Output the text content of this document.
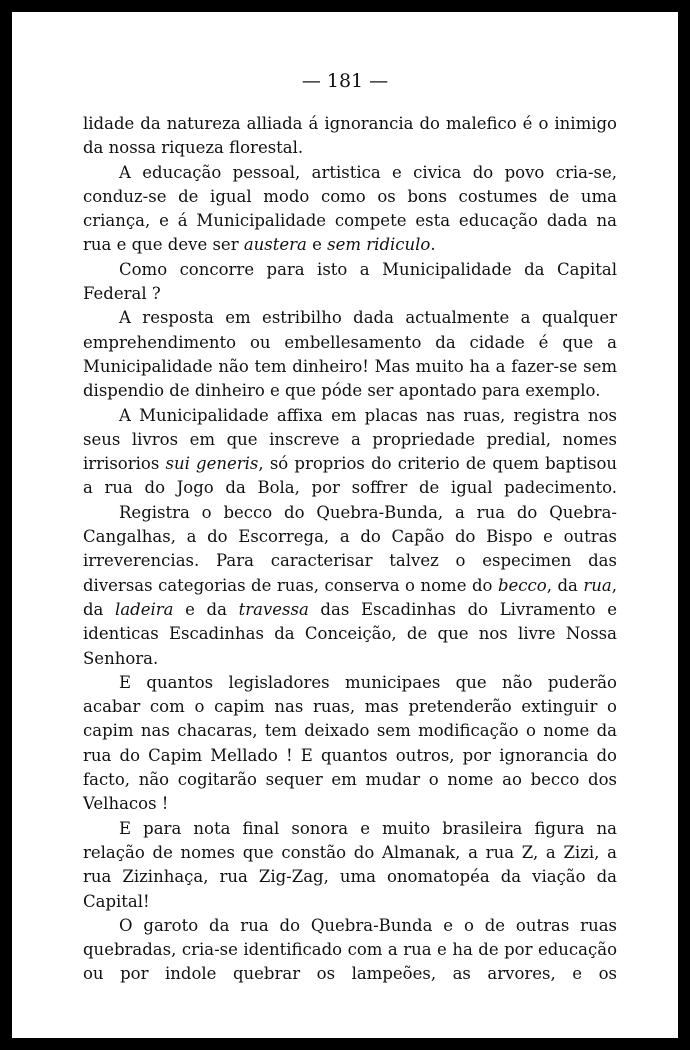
— 181 —

lidade da natureza alliada á ignorancia do malefico é o inimigo da nossa riqueza florestal.

A educação pessoal, artistica e civica do povo cria-se, conduz-se de igual modo como os bons costumes de uma criança, e á Municipalidade compete esta educação dada na rua e que deve ser austera e sem ridiculo.

Como concorre para isto a Municipalidade da Capital Federal ?

A resposta em estribilho dada actualmente a qualquer emprehendimento ou embellesamento da cidade é que a Municipalidade não tem dinheiro! Mas muito ha a fazer-se sem dispendio de dinheiro e que póde ser apontado para exemplo.

A Municipalidade affixa em placas nas ruas, registra nos seus livros em que inscreve a propriedade predial, nomes irrisorios sui generis, só proprios do criterio de quem baptisou a rua do Jogo da Bola, por soffrer de igual padecimento.

Registra o becco do Quebra-Bunda, a rua do Quebra-Cangalhas, a do Escorrega, a do Capão do Bispo e outras irreverencias. Para caracterisar talvez o especimen das diversas categorias de ruas, conserva o nome do becco, da rua, da ladeira e da travessa das Escadinhas do Livramento e identicas Escadinhas da Conceição, de que nos livre Nossa Senhora.

E quantos legisladores municipaes que não puderão acabar com o capim nas ruas, mas pretenderão extinguir o capim nas chacaras, tem deixado sem modificação o nome da rua do Capim Mellado ! E quantos outros, por ignorancia do facto, não cogitarão sequer em mudar o nome ao becco dos Velhacos !

E para nota final sonora e muito brasileira figura na relação de nomes que constão do Almanak, a rua Z, a Zizi, a rua Zizinhaça, rua Zig-Zag, uma onomatopéa da viação da Capital!

O garoto da rua do Quebra-Bunda e o de outras ruas quebradas, cria-se identificado com a rua e ha de por educação ou por indole quebrar os lampeões, as arvores, e os
